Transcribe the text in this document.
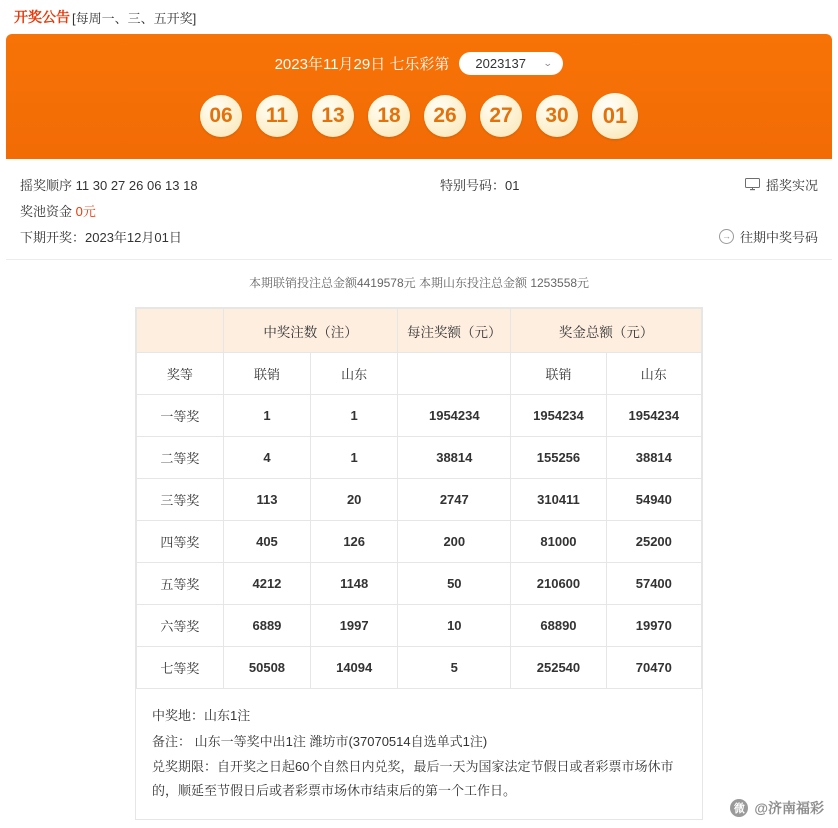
开奖公告 [每周一、三、五开奖]
2023年11月29日 七乐彩第 2023137 ⌄
06	11	13	18	26	27	30	01
摇奖顺序 11 30 27 26 06 13 18	特别号码：01	摇奖实况
奖池资金 0元
下期开奖：2023年12月01日	→ 往期中奖号码
本期联销投注总金额4419578元 本期山东投注总金额 1253558元
	中奖注数（注）		每注奖额（元）	奖金总额（元）	
奖等	联销	山东		联销	山东
一等奖	1	1	1954234	1954234	1954234
二等奖	4	1	38814	155256	38814
三等奖	113	20	2747	310411	54940
四等奖	405	126	200	81000	25200
五等奖	4212	1148	50	210600	57400
六等奖	6889	1997	10	68890	19970
七等奖	50508	14094	5	252540	70470

中奖地：山东1注

备注： 山东一等奖中出1注 潍坊市(37070514自选单式1注)

兑奖期限：自开奖之日起60个自然日内兑奖，最后一天为国家法定节假日或者彩票市场休市的，顺延至节假日后或者彩票市场休市结束后的第一个工作日。

微 @济南福彩
